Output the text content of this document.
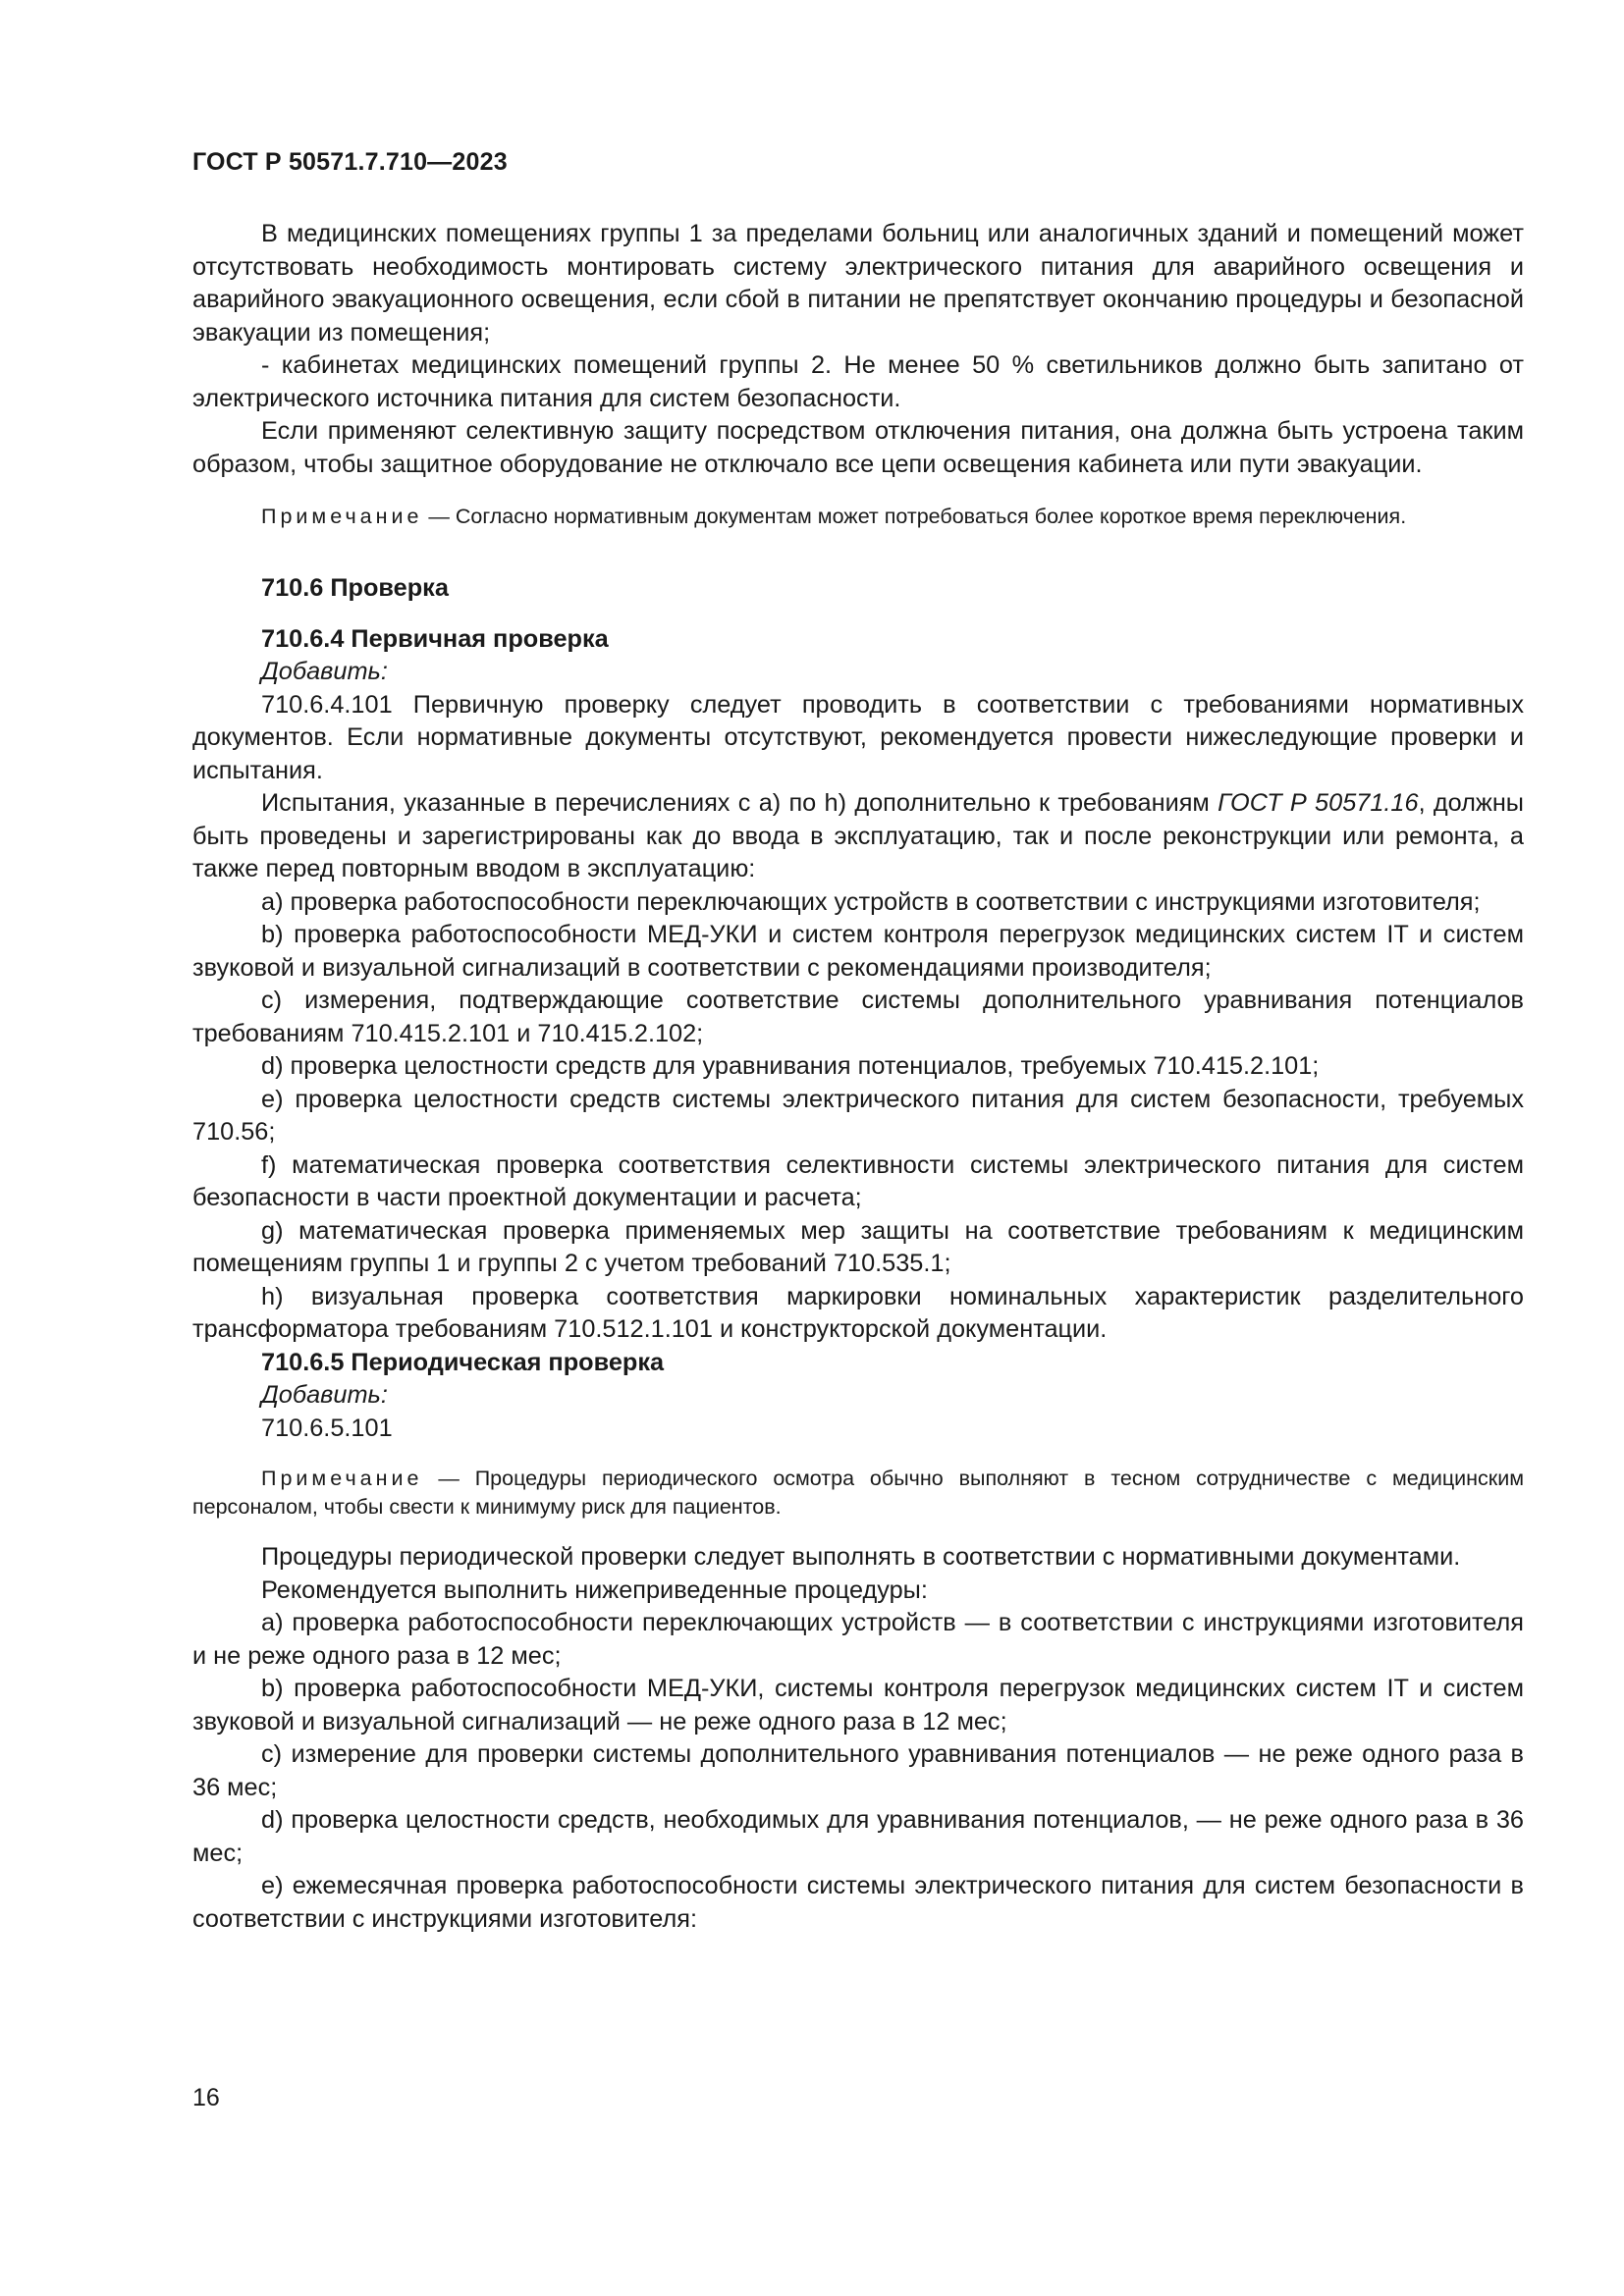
ГОСТ Р 50571.7.710—2023

В медицинских помещениях группы 1 за пределами больниц или аналогичных зданий и помещений может отсутствовать необходимость монтировать систему электрического питания для аварийного освещения и аварийного эвакуационного освещения, если сбой в питании не препятствует окончанию процедуры и безопасной эвакуации из помещения;

- кабинетах медицинских помещений группы 2. Не менее 50 % светильников должно быть запитано от электрического источника питания для систем безопасности.

Если применяют селективную защиту посредством отключения питания, она должна быть устроена таким образом, чтобы защитное оборудование не отключало все цепи освещения кабинета или пути эвакуации.

Примечание — Согласно нормативным документам может потребоваться более короткое время переключения.

710.6 Проверка
710.6.4 Первичная проверка
Добавить:

710.6.4.101 Первичную проверку следует проводить в соответствии с требованиями нормативных документов. Если нормативные документы отсутствуют, рекомендуется провести нижеследующие проверки и испытания.

Испытания, указанные в перечислениях с а) по h) дополнительно к требованиям ГОСТ Р 50571.16, должны быть проведены и зарегистрированы как до ввода в эксплуатацию, так и после реконструкции или ремонта, а также перед повторным вводом в эксплуатацию:

а) проверка работоспособности переключающих устройств в соответствии с инструкциями изготовителя;

b) проверка работоспособности МЕД-УКИ и систем контроля перегрузок медицинских систем IT и систем звуковой и визуальной сигнализаций в соответствии с рекомендациями производителя;

c) измерения, подтверждающие соответствие системы дополнительного уравнивания потенциалов требованиям 710.415.2.101 и 710.415.2.102;

d) проверка целостности средств для уравнивания потенциалов, требуемых 710.415.2.101;

e) проверка целостности средств системы электрического питания для систем безопасности, требуемых 710.56;

f) математическая проверка соответствия селективности системы электрического питания для систем безопасности в части проектной документации и расчета;

g) математическая проверка применяемых мер защиты на соответствие требованиям к медицинским помещениям группы 1 и группы 2 с учетом требований 710.535.1;

h) визуальная проверка соответствия маркировки номинальных характеристик разделительного трансформатора требованиям 710.512.1.101 и конструкторской документации.

710.6.5 Периодическая проверка
Добавить:

710.6.5.101

Примечание — Процедуры периодического осмотра обычно выполняют в тесном сотрудничестве с медицинским персоналом, чтобы свести к минимуму риск для пациентов.

Процедуры периодической проверки следует выполнять в соответствии с нормативными документами.

Рекомендуется выполнить нижеприведенные процедуры:

а) проверка работоспособности переключающих устройств — в соответствии с инструкциями изготовителя и не реже одного раза в 12 мес;

b) проверка работоспособности МЕД-УКИ, системы контроля перегрузок медицинских систем IT и систем звуковой и визуальной сигнализаций — не реже одного раза в 12 мес;

c) измерение для проверки системы дополнительного уравнивания потенциалов — не реже одного раза в 36 мес;

d) проверка целостности средств, необходимых для уравнивания потенциалов, — не реже одного раза в 36 мес;

e) ежемесячная проверка работоспособности системы электрического питания для систем безопасности в соответствии с инструкциями изготовителя:

16
